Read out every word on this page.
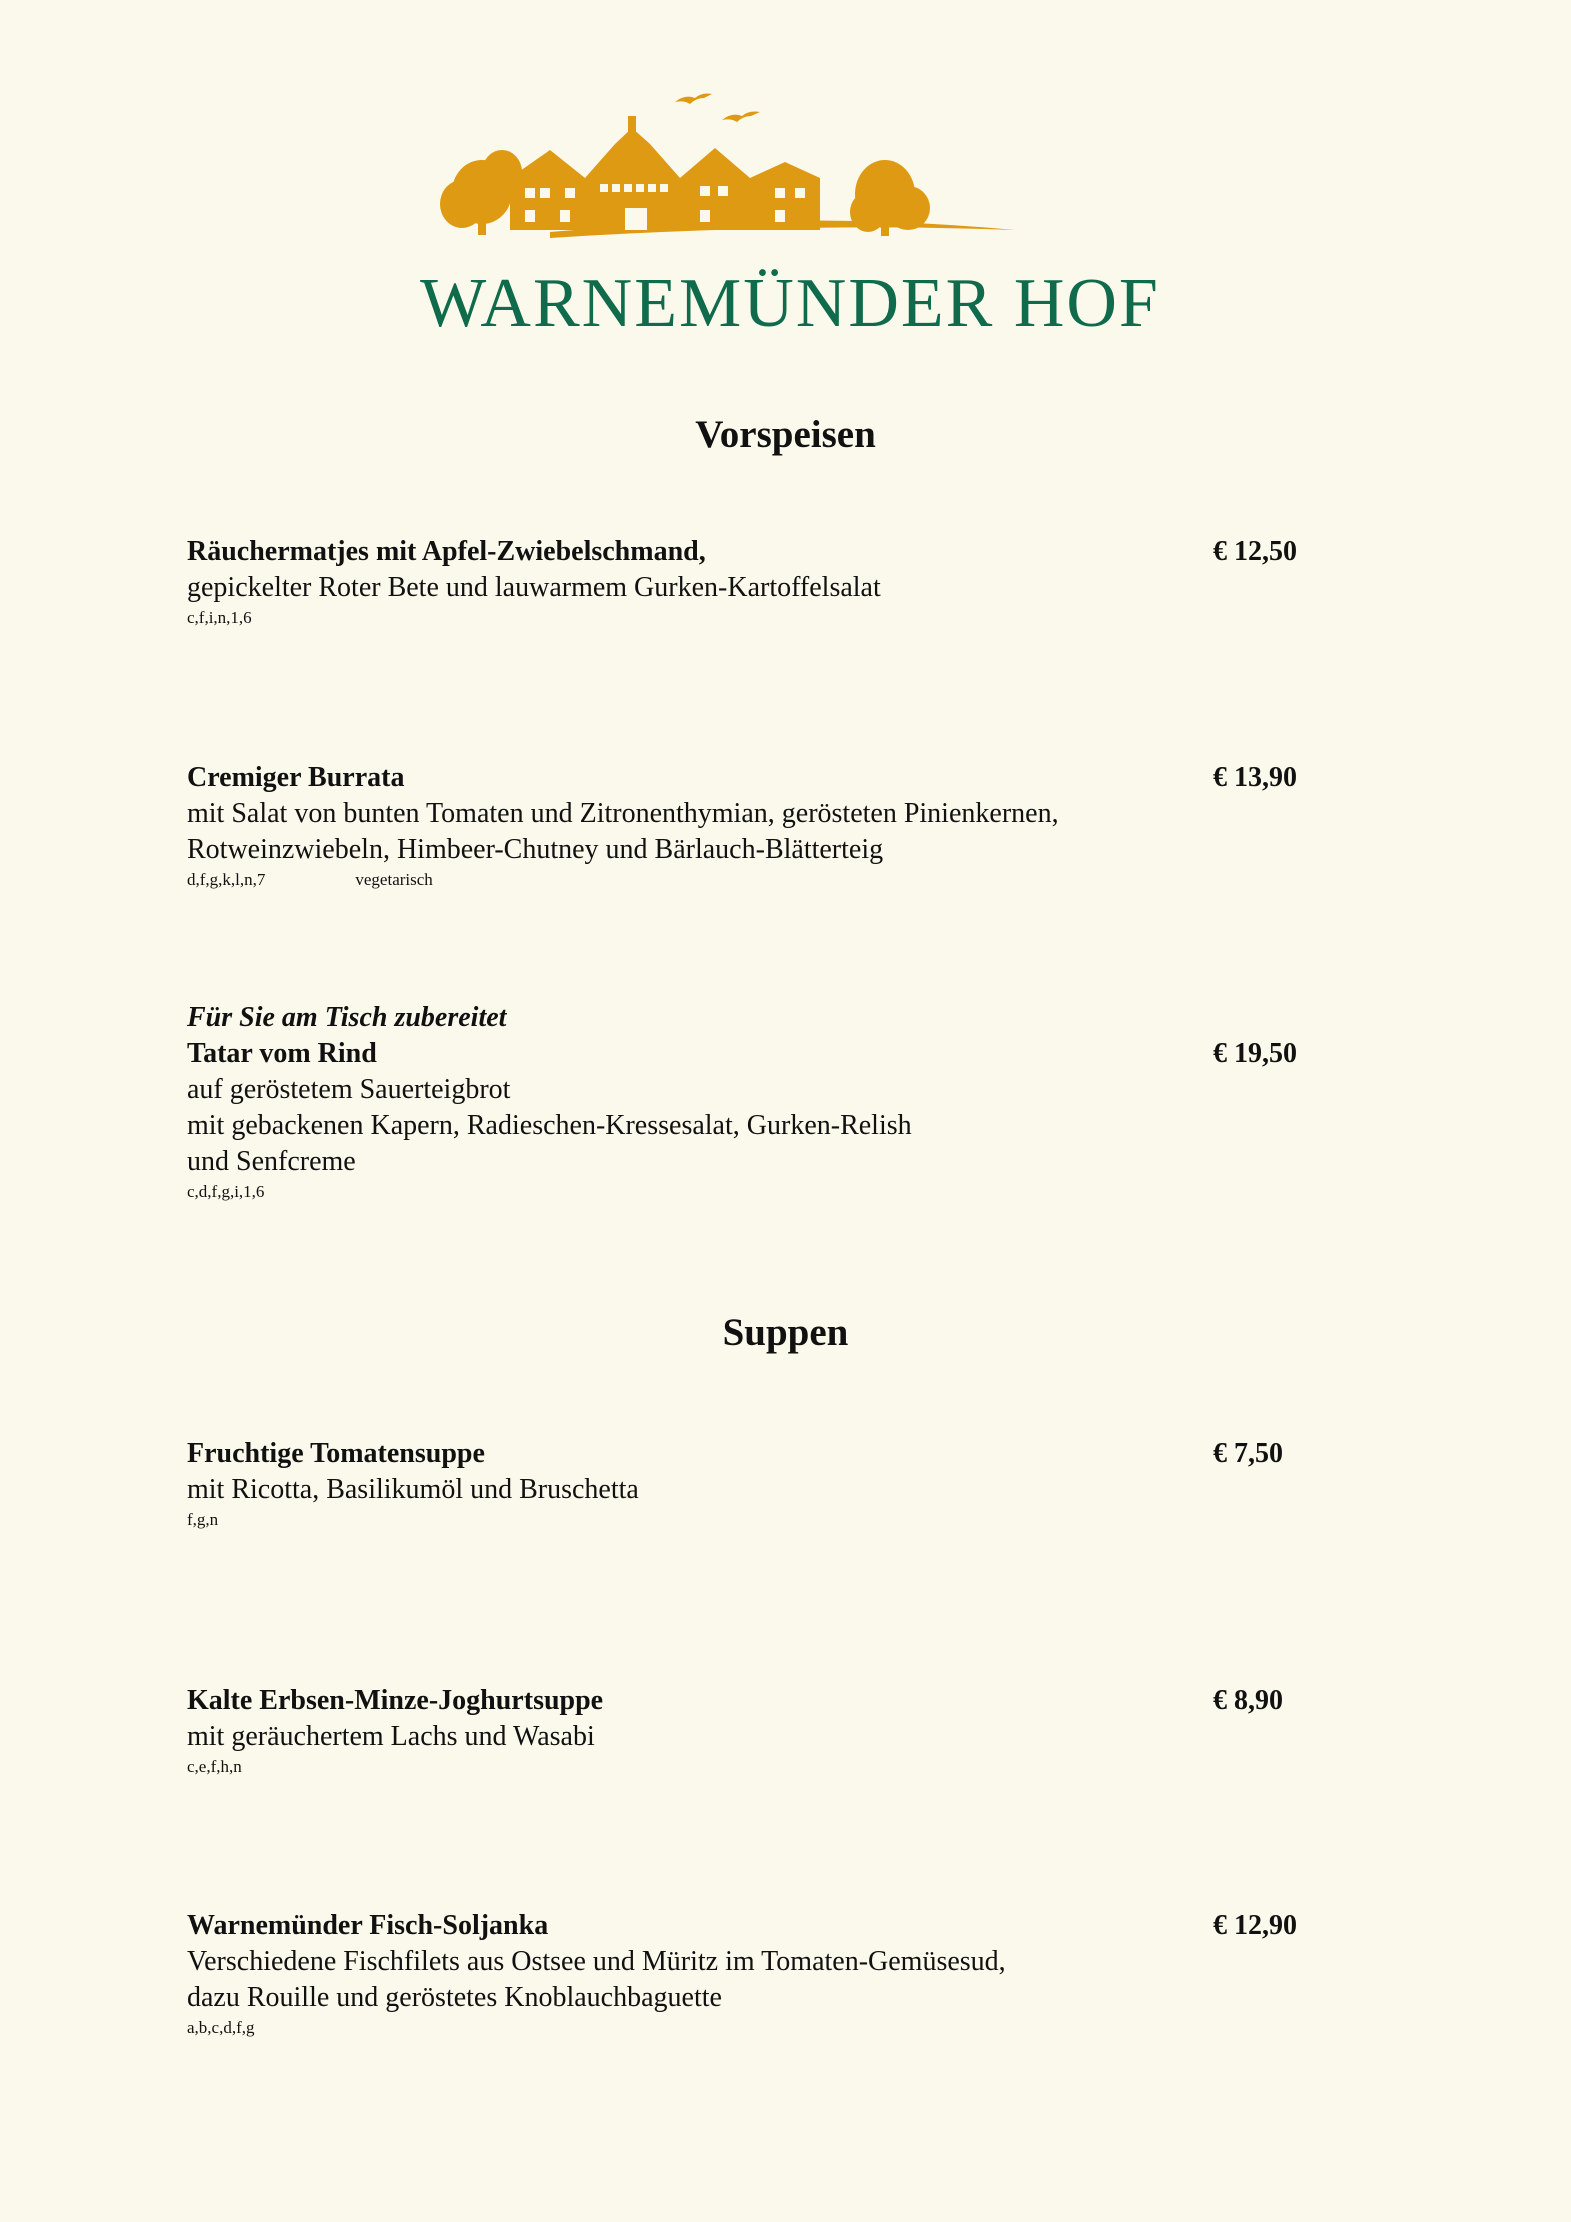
WARNEMÜNDER HOF
Vorspeisen
Räuchermatjes mit Apfel-Zwiebelschmand,
gepickelter Roter Bete und lauwarmem Gurken-Kartoffelsalat
c,f,i,n,1,6
€ 12,50
Cremiger Burrata
mit Salat von bunten Tomaten und Zitronenthymian, gerösteten Pinienkernen,
Rotweinzwiebeln, Himbeer-Chutney und Bärlauch-Blätterteig
d,f,g,k,l,n,7	vegetarisch
€ 13,90
Für Sie am Tisch zubereitet
Tatar vom Rind
auf geröstetem Sauerteigbrot
mit gebackenen Kapern, Radieschen-Kressesalat, Gurken-Relish
und Senfcreme
c,d,f,g,i,1,6
€ 19,50
Suppen
Fruchtige Tomatensuppe
mit Ricotta, Basilikumöl und Bruschetta
f,g,n
€ 7,50
Kalte Erbsen-Minze-Joghurtsuppe
mit geräuchertem Lachs und Wasabi
c,e,f,h,n
€ 8,90
Warnemünder Fisch-Soljanka
Verschiedene Fischfilets aus Ostsee und Müritz im Tomaten-Gemüsesud,
dazu Rouille und geröstetes Knoblauchbaguette
a,b,c,d,f,g
€ 12,90
